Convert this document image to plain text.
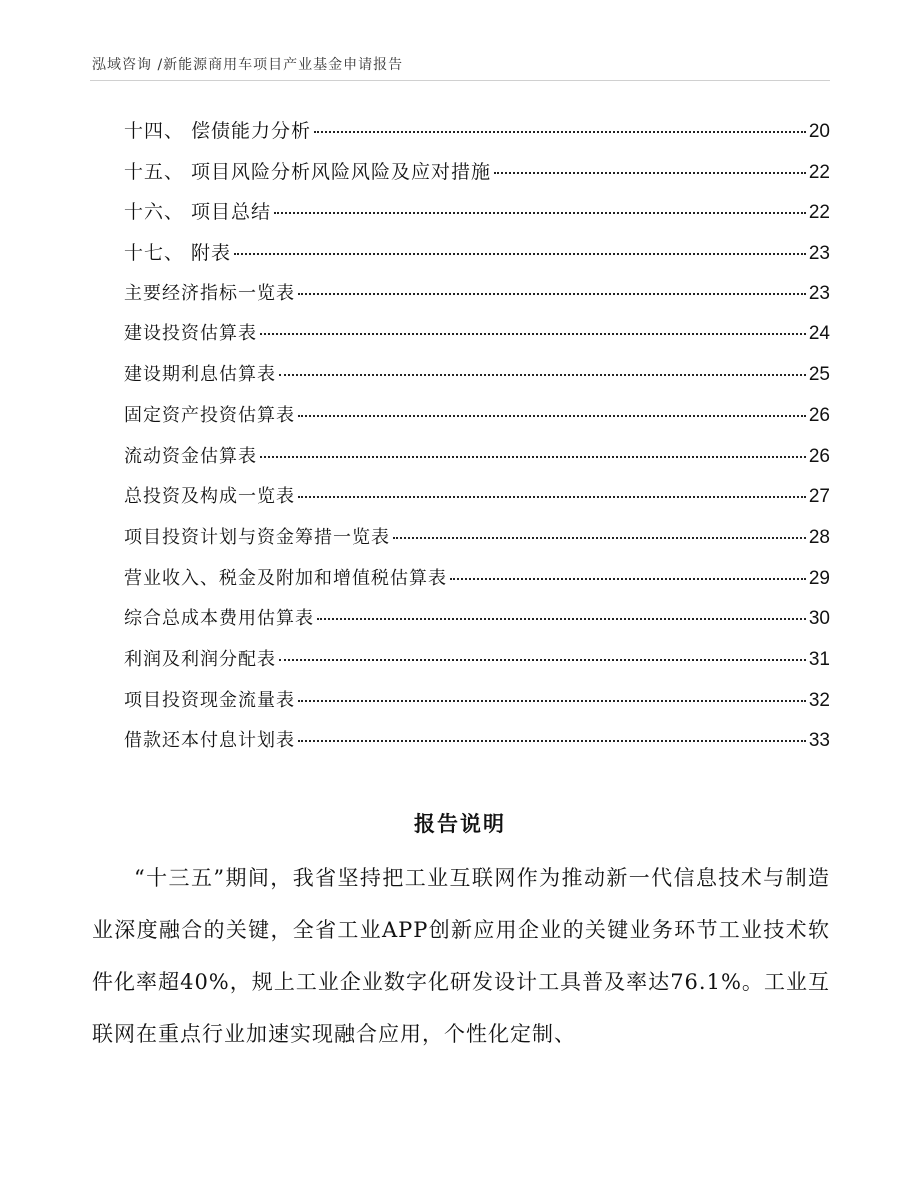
泓域咨询 /新能源商用车项目产业基金申请报告
十四、 偿债能力分析	20
十五、 项目风险分析风险风险及应对措施	22
十六、 项目总结	22
十七、 附表	23
主要经济指标一览表	23
建设投资估算表	24
建设期利息估算表	25
固定资产投资估算表	26
流动资金估算表	26
总投资及构成一览表	27
项目投资计划与资金筹措一览表	28
营业收入、税金及附加和增值税估算表	29
综合总成本费用估算表	30
利润及利润分配表	31
项目投资现金流量表	32
借款还本付息计划表	33
报告说明
“十三五”期间，我省坚持把工业互联网作为推动新一代信息技术与制造业深度融合的关键，全省工业APP创新应用企业的关键业务环节工业技术软件化率超40%，规上工业企业数字化研发设计工具普及率达76.1%。工业互联网在重点行业加速实现融合应用，个性化定制、
